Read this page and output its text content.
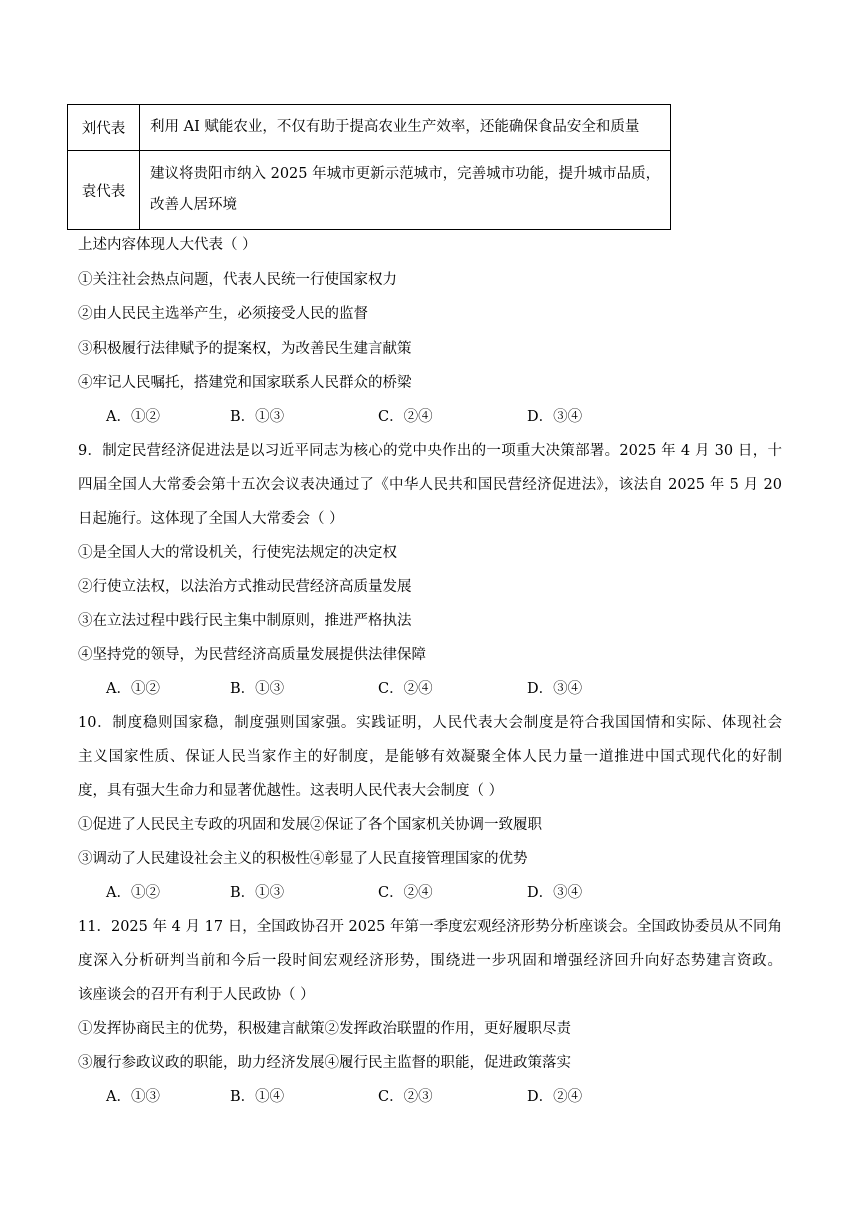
刘代表	利用 AI 赋能农业，不仅有助于提高农业生产效率，还能确保食品安全和质量

袁代表	建议将贵阳市纳入 2025 年城市更新示范城市，完善城市功能，提升城市品质，
改善人居环境
上述内容体现人大代表（ ）
①关注社会热点问题，代表人民统一行使国家权力
②由人民民主选举产生，必须接受人民的监督
③积极履行法律赋予的提案权，为改善民生建言献策
④牢记人民嘱托，搭建党和国家联系人民群众的桥梁
A．①②	B．①③	C．②④	D．③④
9．制定民营经济促进法是以习近平同志为核心的党中央作出的一项重大决策部署。2025 年 4 月 30 日，十
四届全国人大常委会第十五次会议表决通过了《中华人民共和国民营经济促进法》，该法自 2025 年 5 月 20
日起施行。这体现了全国人大常委会（ ）
①是全国人大的常设机关，行使宪法规定的决定权
②行使立法权，以法治方式推动民营经济高质量发展
③在立法过程中践行民主集中制原则，推进严格执法
④坚持党的领导，为民营经济高质量发展提供法律保障
A．①②	B．①③	C．②④	D．③④
10．制度稳则国家稳，制度强则国家强。实践证明，人民代表大会制度是符合我国国情和实际、体现社会
主义国家性质、保证人民当家作主的好制度，是能够有效凝聚全体人民力量一道推进中国式现代化的好制
度，具有强大生命力和显著优越性。这表明人民代表大会制度（ ）
①促进了人民民主专政的巩固和发展②保证了各个国家机关协调一致履职
③调动了人民建设社会主义的积极性④彰显了人民直接管理国家的优势
A．①②	B．①③	C．②④	D．③④
11．2025 年 4 月 17 日，全国政协召开 2025 年第一季度宏观经济形势分析座谈会。全国政协委员从不同角
度深入分析研判当前和今后一段时间宏观经济形势，围绕进一步巩固和增强经济回升向好态势建言资政。
该座谈会的召开有利于人民政协（ ）
①发挥协商民主的优势，积极建言献策②发挥政治联盟的作用，更好履职尽责
③履行参政议政的职能，助力经济发展④履行民主监督的职能，促进政策落实
A．①③	B．①④	C．②③	D．②④
